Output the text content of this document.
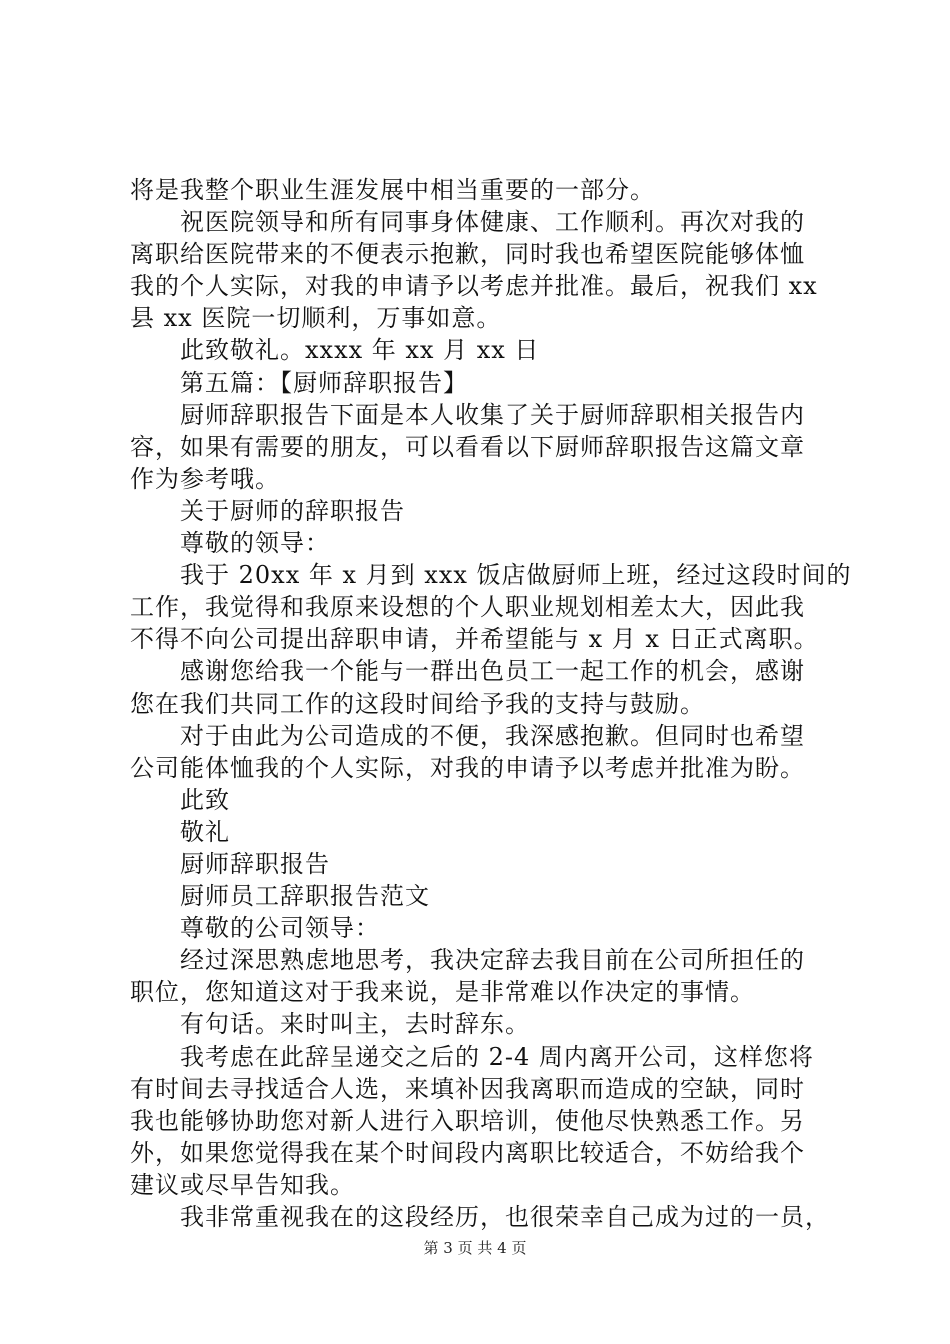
将是我整个职业生涯发展中相当重要的一部分。
祝医院领导和所有同事身体健康、工作顺利。再次对我的
离职给医院带来的不便表示抱歉，同时我也希望医院能够体恤
我的个人实际，对我的申请予以考虑并批准。最后，祝我们 xx
县 xx 医院一切顺利，万事如意。
此致敬礼。xxxx 年 xx 月 xx 日
第五篇：【厨师辞职报告】
厨师辞职报告下面是本人收集了关于厨师辞职相关报告内
容，如果有需要的朋友，可以看看以下厨师辞职报告这篇文章
作为参考哦。
关于厨师的辞职报告
尊敬的领导：
我于 20xx 年 x 月到 xxx 饭店做厨师上班，经过这段时间的
工作，我觉得和我原来设想的个人职业规划相差太大，因此我
不得不向公司提出辞职申请，并希望能与 x 月 x 日正式离职。
感谢您给我一个能与一群出色员工一起工作的机会，感谢
您在我们共同工作的这段时间给予我的支持与鼓励。
对于由此为公司造成的不便，我深感抱歉。但同时也希望
公司能体恤我的个人实际，对我的申请予以考虑并批准为盼。
此致
敬礼
厨师辞职报告
厨师员工辞职报告范文
尊敬的公司领导：
经过深思熟虑地思考，我决定辞去我目前在公司所担任的
职位，您知道这对于我来说，是非常难以作决定的事情。
有句话。来时叫主，去时辞东。
我考虑在此辞呈递交之后的 2-4 周内离开公司，这样您将
有时间去寻找适合人选，来填补因我离职而造成的空缺，同时
我也能够协助您对新人进行入职培训，使他尽快熟悉工作。另
外，如果您觉得我在某个时间段内离职比较适合，不妨给我个
建议或尽早告知我。
我非常重视我在的这段经历，也很荣幸自己成为过的一员，
第 3 页 共 4 页
